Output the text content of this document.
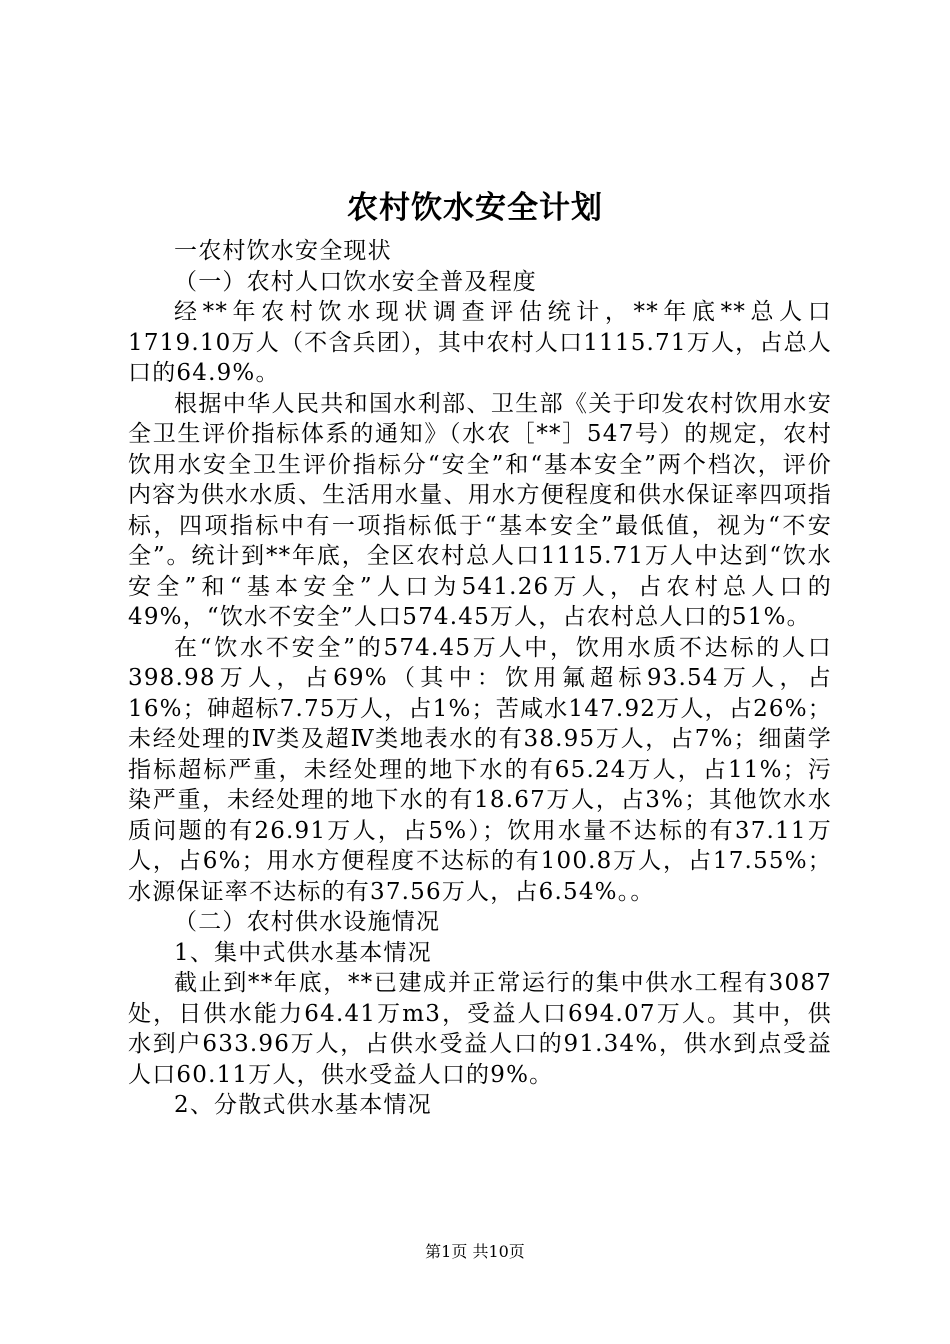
农村饮水安全计划

一农村饮水安全现状

（一）农村人口饮水安全普及程度

经**年农村饮水现状调查评估统计，**年底**总人口1719.10万人（不含兵团），其中农村人口1115.71万人，占总人口的64.9%。

根据中华人民共和国水利部、卫生部《关于印发农村饮用水安全卫生评价指标体系的通知》（水农［**］547号）的规定，农村饮用水安全卫生评价指标分“安全”和“基本安全”两个档次，评价内容为供水水质、生活用水量、用水方便程度和供水保证率四项指标，四项指标中有一项指标低于“基本安全”最低值，视为“不安全”。统计到**年底，全区农村总人口1115.71万人中达到“饮水安全”和“基本安全”人口为541.26万人，占农村总人口的49%，“饮水不安全”人口574.45万人，占农村总人口的51%。

在“饮水不安全”的574.45万人中，饮用水质不达标的人口398.98万人，占69%（其中：饮用氟超标93.54万人，占16%；砷超标7.75万人，占1%；苦咸水147.92万人，占26%；未经处理的Ⅳ类及超Ⅳ类地表水的有38.95万人，占7%；细菌学指标超标严重，未经处理的地下水的有65.24万人，占11%；污染严重，未经处理的地下水的有18.67万人，占3%；其他饮水水质问题的有26.91万人，占5%）；饮用水量不达标的有37.11万人，占6%；用水方便程度不达标的有100.8万人，占17.55%；水源保证率不达标的有37.56万人，占6.54%。。

（二）农村供水设施情况

1、集中式供水基本情况

截止到**年底，**已建成并正常运行的集中供水工程有3087处，日供水能力64.41万m3，受益人口694.07万人。其中，供水到户633.96万人，占供水受益人口的91.34%，供水到点受益人口60.11万人，供水受益人口的9%。

2、分散式供水基本情况

第1页 共10页
